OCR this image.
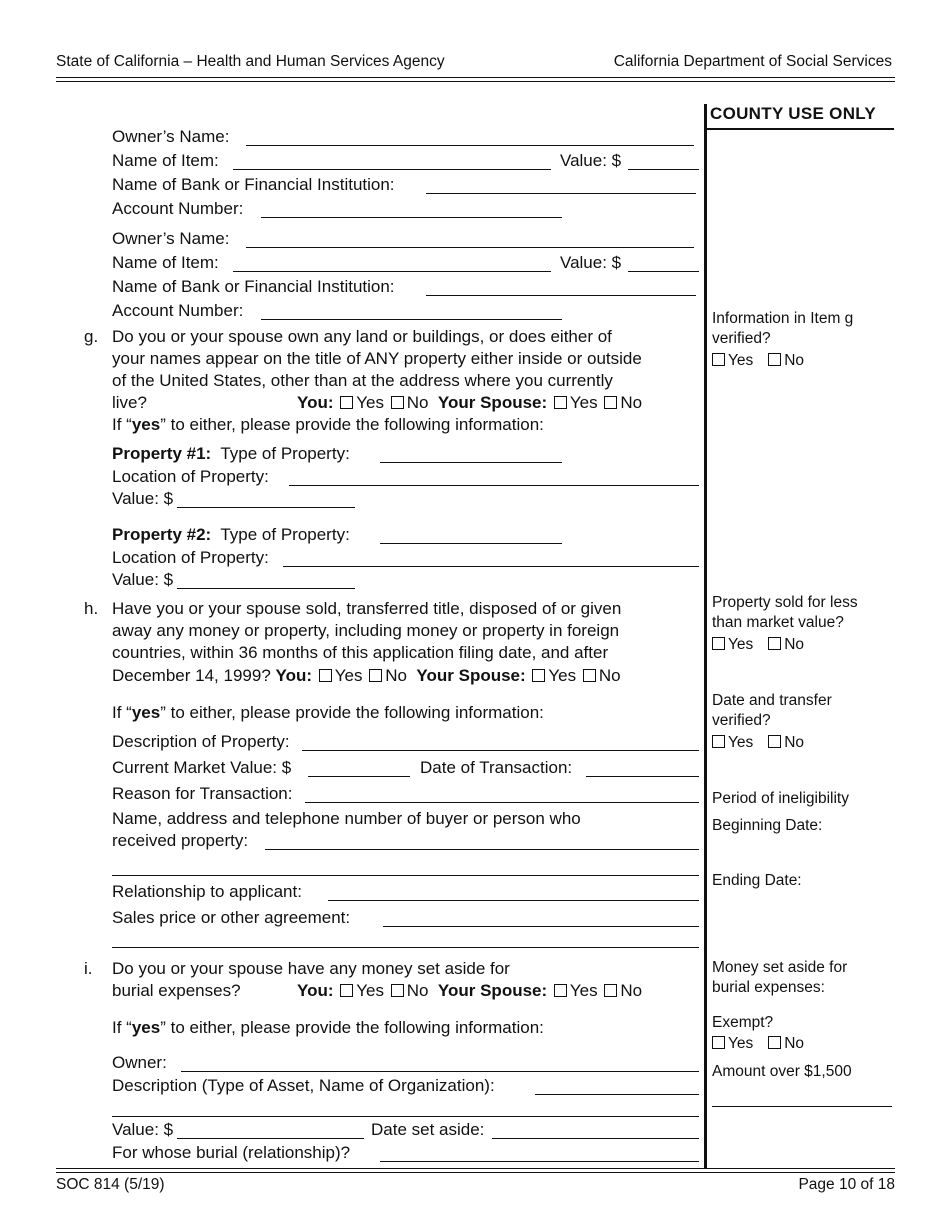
State of California – Health and Human Services Agency	California Department of Social Services
COUNTY USE ONLY
Owner’s Name:
Name of Item:	Value: $
Name of Bank or Financial Institution:
Account Number:
Owner’s Name:
Name of Item:	Value: $
Name of Bank or Financial Institution:
Account Number:
g. Do you or your spouse own any land or buildings, or does either of
your names appear on the title of ANY property either inside or outside
of the United States, other than at the address where you currently
live?	You: Yes No Your Spouse: Yes No
If “yes” to either, please provide the following information:
Property #1: Type of Property:
Location of Property:
Value: $
Property #2: Type of Property:
Location of Property:
Value: $
h. Have you or your spouse sold, transferred title, disposed of or given
away any money or property, including money or property in foreign
countries, within 36 months of this application filing date, and after
December 14, 1999? You: Yes No Your Spouse: Yes No
If “yes” to either, please provide the following information:
Description of Property:
Current Market Value: $	Date of Transaction:
Reason for Transaction:
Name, address and telephone number of buyer or person who
received property:
Relationship to applicant:
Sales price or other agreement:
i. Do you or your spouse have any money set aside for
burial expenses?	You: Yes No Your Spouse: Yes No
If “yes” to either, please provide the following information:
Owner:
Description (Type of Asset, Name of Organization):
Value: $	Date set aside:
For whose burial (relationship)?
Information in Item g
verified?
Yes No
Property sold for less
than market value?
Yes No
Date and transfer
verified?
Yes No
Period of ineligibility
Beginning Date:
Ending Date:
Money set aside for
burial expenses:
Exempt?
Yes No
Amount over $1,500
SOC 814 (5/19)	Page 10 of 18
